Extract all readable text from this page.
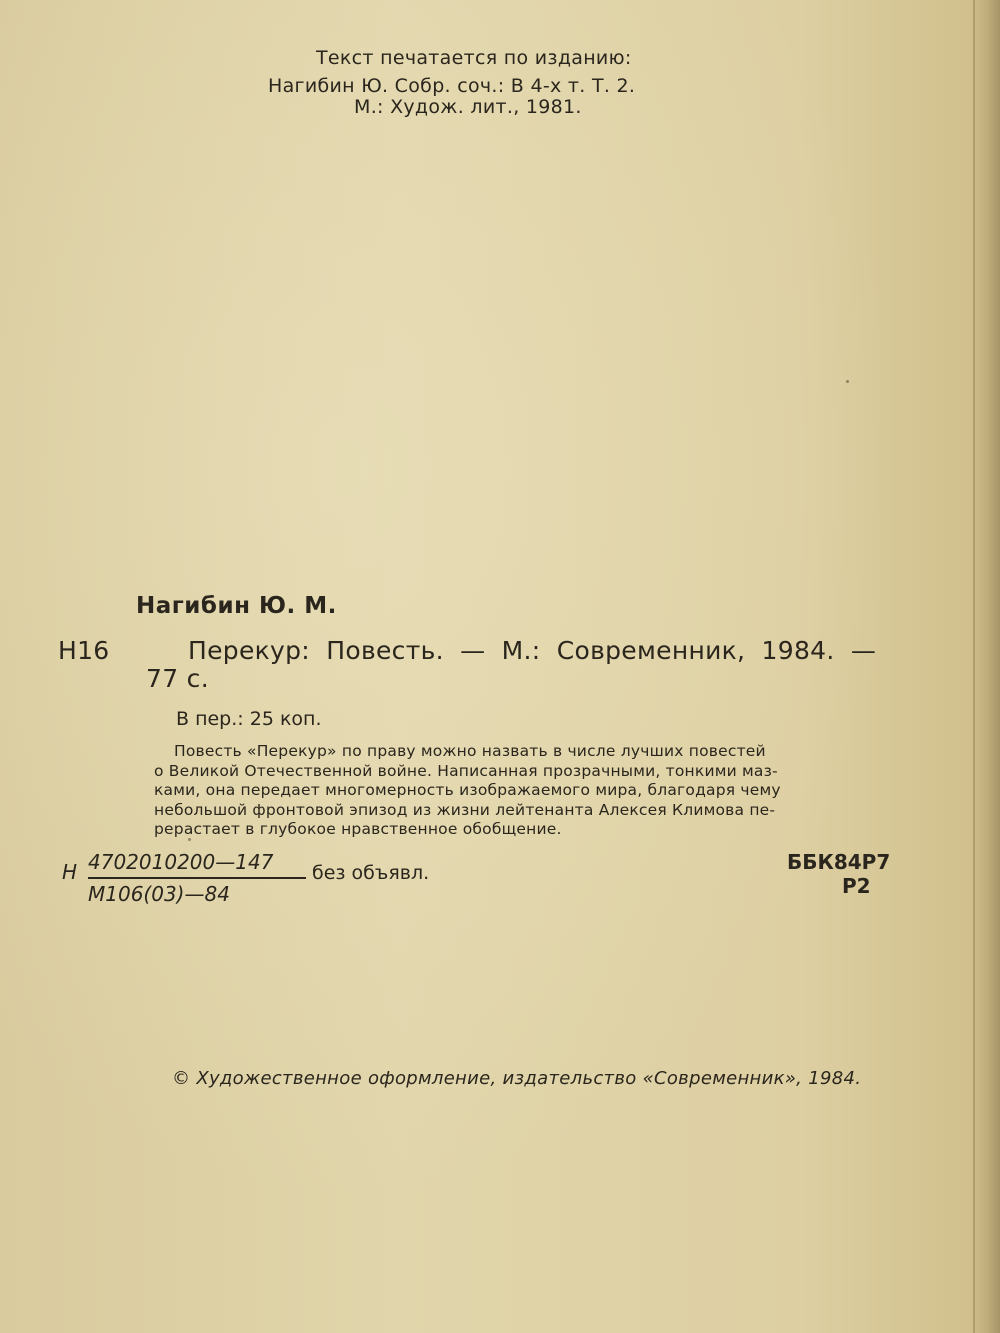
Текст печатается по изданию:
Нагибин Ю. Собр. соч.: В 4-х т. Т. 2.
М.: Худож. лит., 1981.
Нагибин Ю. М.
Н16	Перекур: Повесть. — М.: Современник, 1984. —
77 с.
В пер.: 25 коп.
Повесть «Перекур» по праву можно назвать в числе лучших повестей
о Великой Отечественной войне. Написанная прозрачными, тонкими маз-
ками, она передает многомерность изображаемого мира, благодаря чему
небольшой фронтовой эпизод из жизни лейтенанта Алексея Климова пе-
рерастает в глубокое нравственное обобщение.
Н 4702010200—147
М106(03)—84
без объявл.	ББК84Р7
Р2
© Художественное оформление, издательство «Современник», 1984.
